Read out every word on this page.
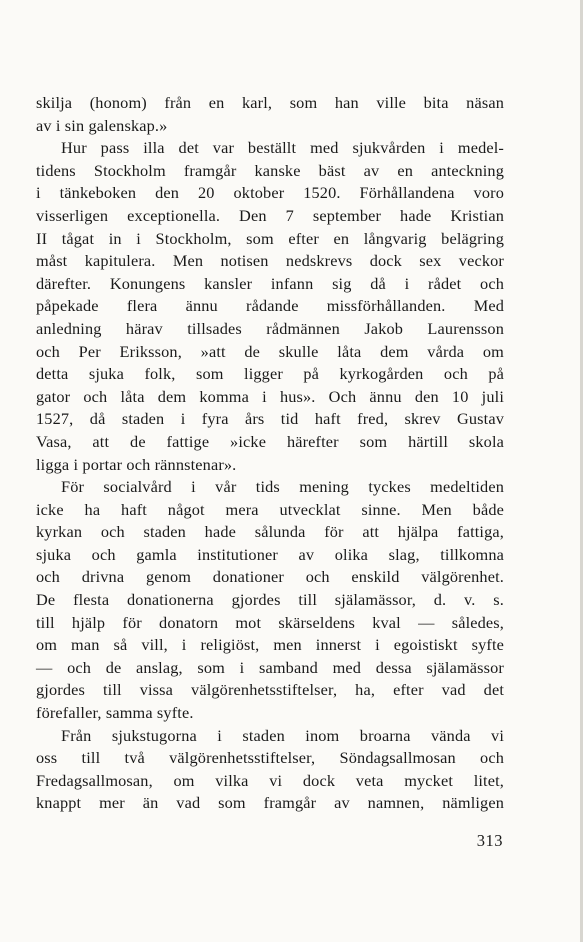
skilja (honom) från en karl, som han ville bita näsan
av i sin galenskap.»
Hur pass illa det var beställt med sjukvården i medel-
tidens Stockholm framgår kanske bäst av en anteckning
i tänkeboken den 20 oktober 1520. Förhållandena voro
visserligen exceptionella. Den 7 september hade Kristian
II tågat in i Stockholm, som efter en långvarig belägring
måst kapitulera. Men notisen nedskrevs dock sex veckor
därefter. Konungens kansler infann sig då i rådet och
påpekade flera ännu rådande missförhållanden. Med
anledning härav tillsades rådmännen Jakob Laurensson
och Per Eriksson, »att de skulle låta dem vårda om
detta sjuka folk, som ligger på kyrkogården och på
gator och låta dem komma i hus». Och ännu den 10 juli
1527, då staden i fyra års tid haft fred, skrev Gustav
Vasa, att de fattige »icke härefter som härtill skola
ligga i portar och rännstenar».
För socialvård i vår tids mening tyckes medeltiden
icke ha haft något mera utvecklat sinne. Men både
kyrkan och staden hade sålunda för att hjälpa fattiga,
sjuka och gamla institutioner av olika slag, tillkomna
och drivna genom donationer och enskild välgörenhet.
De flesta donationerna gjordes till själamässor, d. v. s.
till hjälp för donatorn mot skärseldens kval — således,
om man så vill, i religiöst, men innerst i egoistiskt syfte
— och de anslag, som i samband med dessa själamässor
gjordes till vissa välgörenhetsstiftelser, ha, efter vad det
förefaller, samma syfte.
Från sjukstugorna i staden inom broarna vända vi
oss till två välgörenhetsstiftelser, Söndagsallmosan och
Fredagsallmosan, om vilka vi dock veta mycket litet,
knappt mer än vad som framgår av namnen, nämligen
313
